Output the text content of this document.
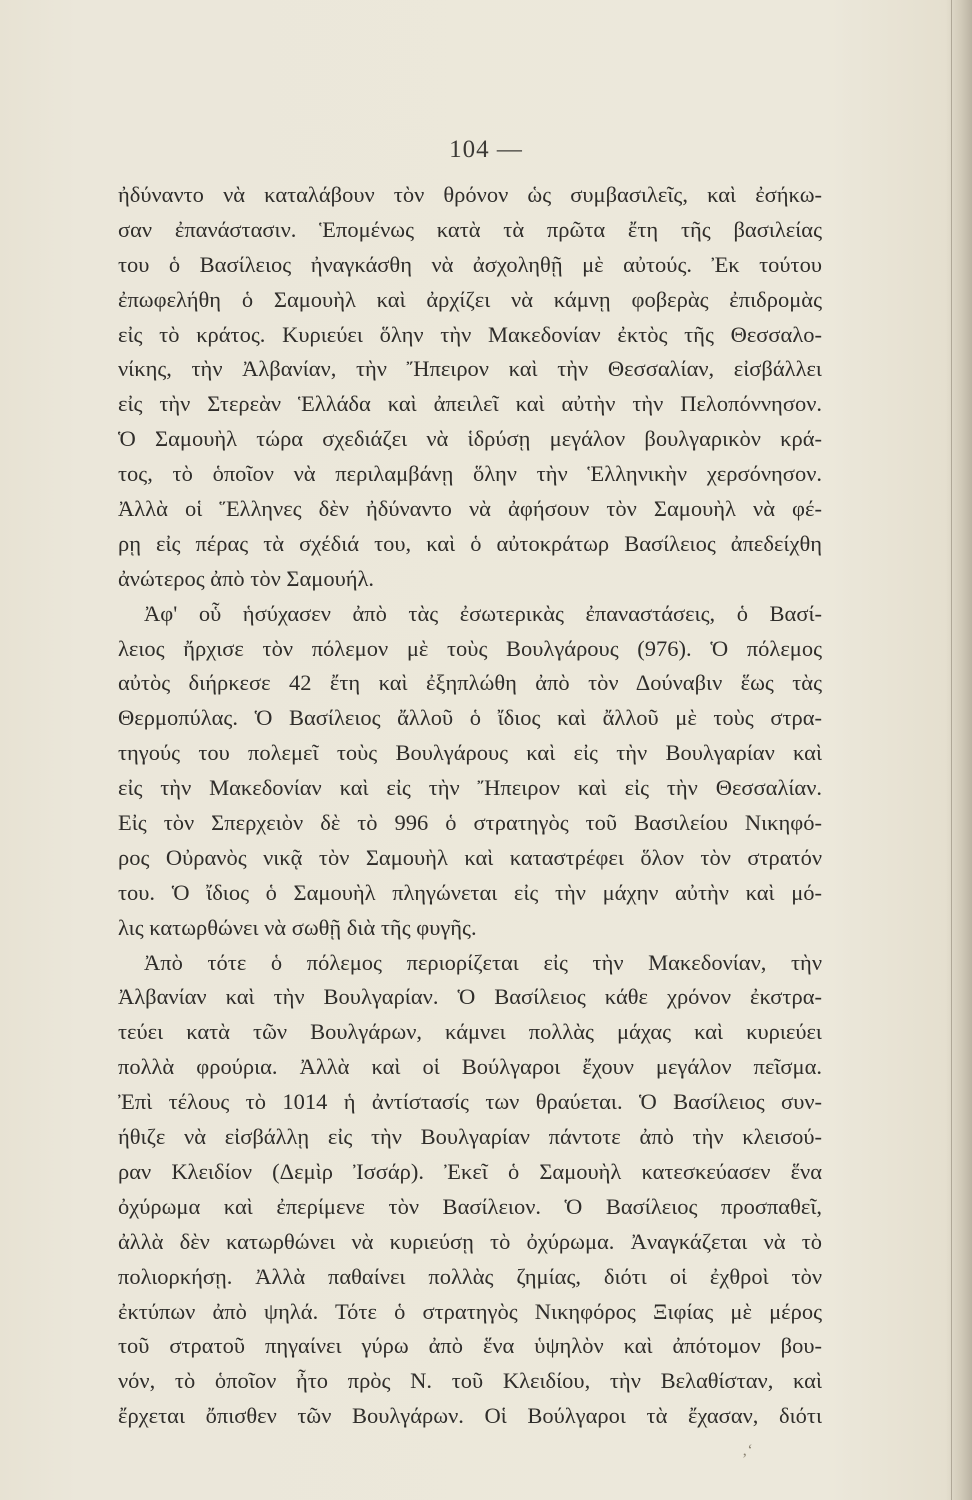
104 —
ἠδύναντο νὰ καταλάβουν τὸν θρόνον ὡς συμβασιλεῖς, καὶ ἐσήκω-
σαν ἐπανάστασιν. Ἑπομένως κατὰ τὰ πρῶτα ἔτη τῆς βασιλείας
του ὁ Βασίλειος ἠναγκάσθη νὰ ἀσχοληθῇ μὲ αὐτούς. Ἐκ τούτου
ἐπωφελήθη ὁ Σαμουὴλ καὶ ἀρχίζει νὰ κάμνῃ φοβερὰς ἐπιδρομὰς
εἰς τὸ κράτος. Κυριεύει ὅλην τὴν Μακεδονίαν ἐκτὸς τῆς Θεσσαλο-
νίκης, τὴν Ἀλβανίαν, τὴν Ἤπειρον καὶ τὴν Θεσσαλίαν, εἰσβάλλει
εἰς τὴν Στερεὰν Ἑλλάδα καὶ ἀπειλεῖ καὶ αὐτὴν τὴν Πελοπόννησον.
Ὁ Σαμουὴλ τώρα σχεδιάζει νὰ ἱδρύσῃ μεγάλον βουλγαρικὸν κρά-
τος, τὸ ὁποῖον νὰ περιλαμβάνῃ ὅλην τὴν Ἑλληνικὴν χερσόνησον.
Ἀλλὰ οἱ Ἕλληνες δὲν ἠδύναντο νὰ ἀφήσουν τὸν Σαμουὴλ νὰ φέ-
ρῃ εἰς πέρας τὰ σχέδιά του, καὶ ὁ αὐτοκράτωρ Βασίλειος ἀπεδείχθη
ἀνώτερος ἀπὸ τὸν Σαμουήλ.
Ἀφ' οὗ ἡσύχασεν ἀπὸ τὰς ἐσωτερικὰς ἐπαναστάσεις, ὁ Βασί-
λειος ἤρχισε τὸν πόλεμον μὲ τοὺς Βουλγάρους (976). Ὁ πόλεμος
αὐτὸς διήρκεσε 42 ἔτη καὶ ἐξηπλώθη ἀπὸ τὸν Δούναβιν ἕως τὰς
Θερμοπύλας. Ὁ Βασίλειος ἄλλοῦ ὁ ἴδιος καὶ ἄλλοῦ μὲ τοὺς στρα-
τηγούς του πολεμεῖ τοὺς Βουλγάρους καὶ εἰς τὴν Βουλγαρίαν καὶ
εἰς τὴν Μακεδονίαν καὶ εἰς τὴν Ἤπειρον καὶ εἰς τὴν Θεσσαλίαν.
Εἰς τὸν Σπερχειὸν δὲ τὸ 996 ὁ στρατηγὸς τοῦ Βασιλείου Νικηφό-
ρος Οὐρανὸς νικᾷ τὸν Σαμουὴλ καὶ καταστρέφει ὅλον τὸν στρατόν
του. Ὁ ἴδιος ὁ Σαμουὴλ πληγώνεται εἰς τὴν μάχην αὐτὴν καὶ μό-
λις κατωρθώνει νὰ σωθῇ διὰ τῆς φυγῆς.
Ἀπὸ τότε ὁ πόλεμος περιορίζεται εἰς τὴν Μακεδονίαν, τὴν
Ἀλβανίαν καὶ τὴν Βουλγαρίαν. Ὁ Βασίλειος κάθε χρόνον ἐκστρα-
τεύει κατὰ τῶν Βουλγάρων, κάμνει πολλὰς μάχας καὶ κυριεύει
πολλὰ φρούρια. Ἀλλὰ καὶ οἱ Βούλγαροι ἔχουν μεγάλον πεῖσμα.
Ἐπὶ τέλους τὸ 1014 ἡ ἀντίστασίς των θραύεται. Ὁ Βασίλειος συν-
ήθιζε νὰ εἰσβάλλῃ εἰς τὴν Βουλγαρίαν πάντοτε ἀπὸ τὴν κλεισού-
ραν Κλειδίον (Δεμὶρ Ἰσσάρ). Ἐκεῖ ὁ Σαμουὴλ κατεσκεύασεν ἕνα
ὀχύρωμα καὶ ἐπερίμενε τὸν Βασίλειον. Ὁ Βασίλειος προσπαθεῖ,
ἀλλὰ δὲν κατωρθώνει νὰ κυριεύσῃ τὸ ὀχύρωμα. Ἀναγκάζεται νὰ τὸ
πολιορκήσῃ. Ἀλλὰ παθαίνει πολλὰς ζημίας, διότι οἱ ἐχθροὶ τὸν
ἐκτύπων ἀπὸ ψηλά. Τότε ὁ στρατηγὸς Νικηφόρος Ξιφίας μὲ μέρος
τοῦ στρατοῦ πηγαίνει γύρω ἀπὸ ἕνα ὑψηλὸν καὶ ἀπότομον βου-
νόν, τὸ ὁποῖον ἦτο πρὸς Ν. τοῦ Κλειδίου, τὴν Βελαθίσταν, καὶ
ἔρχεται ὄπισθεν τῶν Βουλγάρων. Οἱ Βούλγαροι τὰ ἔχασαν, διότι
‚‘
